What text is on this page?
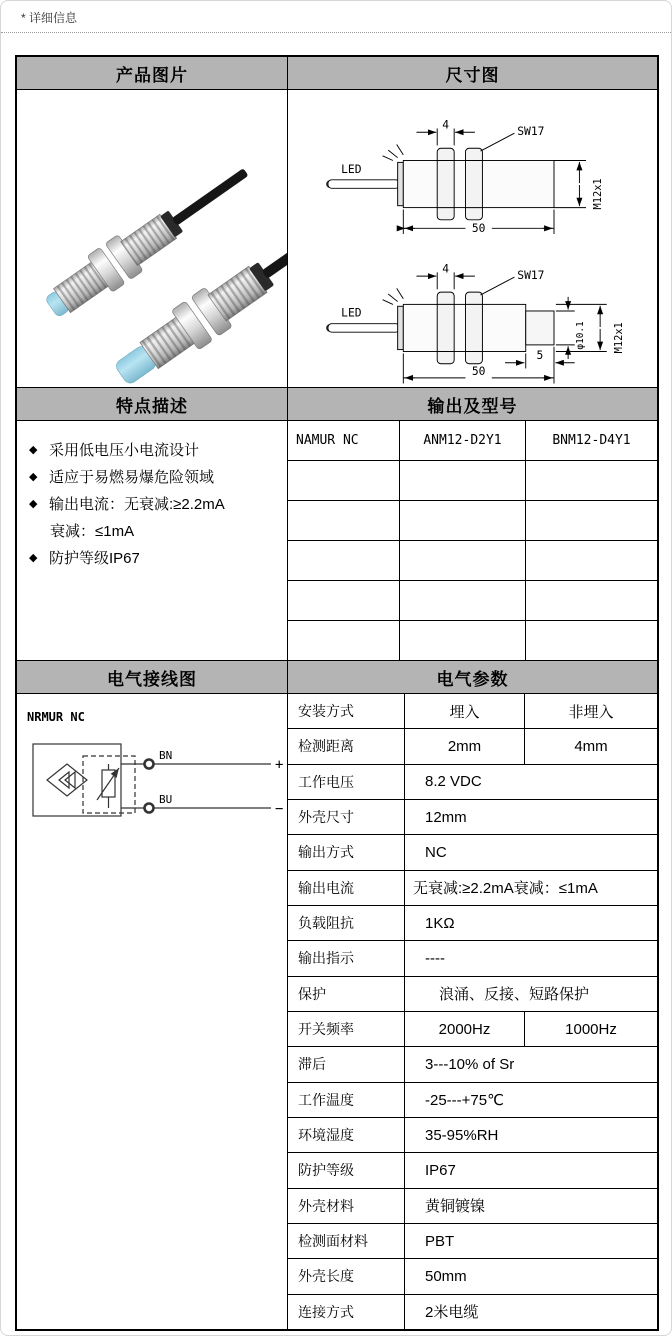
* 详细信息
产品图片	尺寸图
4
SW17
LED
M12x1
50
4
SW17
LED
φ10.1 M12x1
5
50
特点描述	输出及型号
◆ 采用低电压小电流设计
◆ 适应于易燃易爆危险领域
◆ 输出电流：无衰减:≥2.2mA
衰减：≤1mA
◆ 防护等级IP67
NAMUR NC	ANM12-D2Y1	BNM12-D4Y1
电气接线图	电气参数
NRMUR NC
BN
BU
+
−
安装方式	埋入	非埋入
检测距离	2mm	4mm
工作电压	8.2 VDC
外壳尺寸	12mm
输出方式	NC
输出电流	无衰减:≥2.2mA衰减：≤1mA
负载阻抗	1KΩ
输出指示	----
保护	浪涌、反接、短路保护
开关频率	2000Hz	1000Hz
滞后	3---10% of Sr
工作温度	-25---+75℃
环境湿度	35-95%RH
防护等级	IP67
外壳材料	黄铜镀镍
检测面材料	PBT
外壳长度	50mm
连接方式	2米电缆
